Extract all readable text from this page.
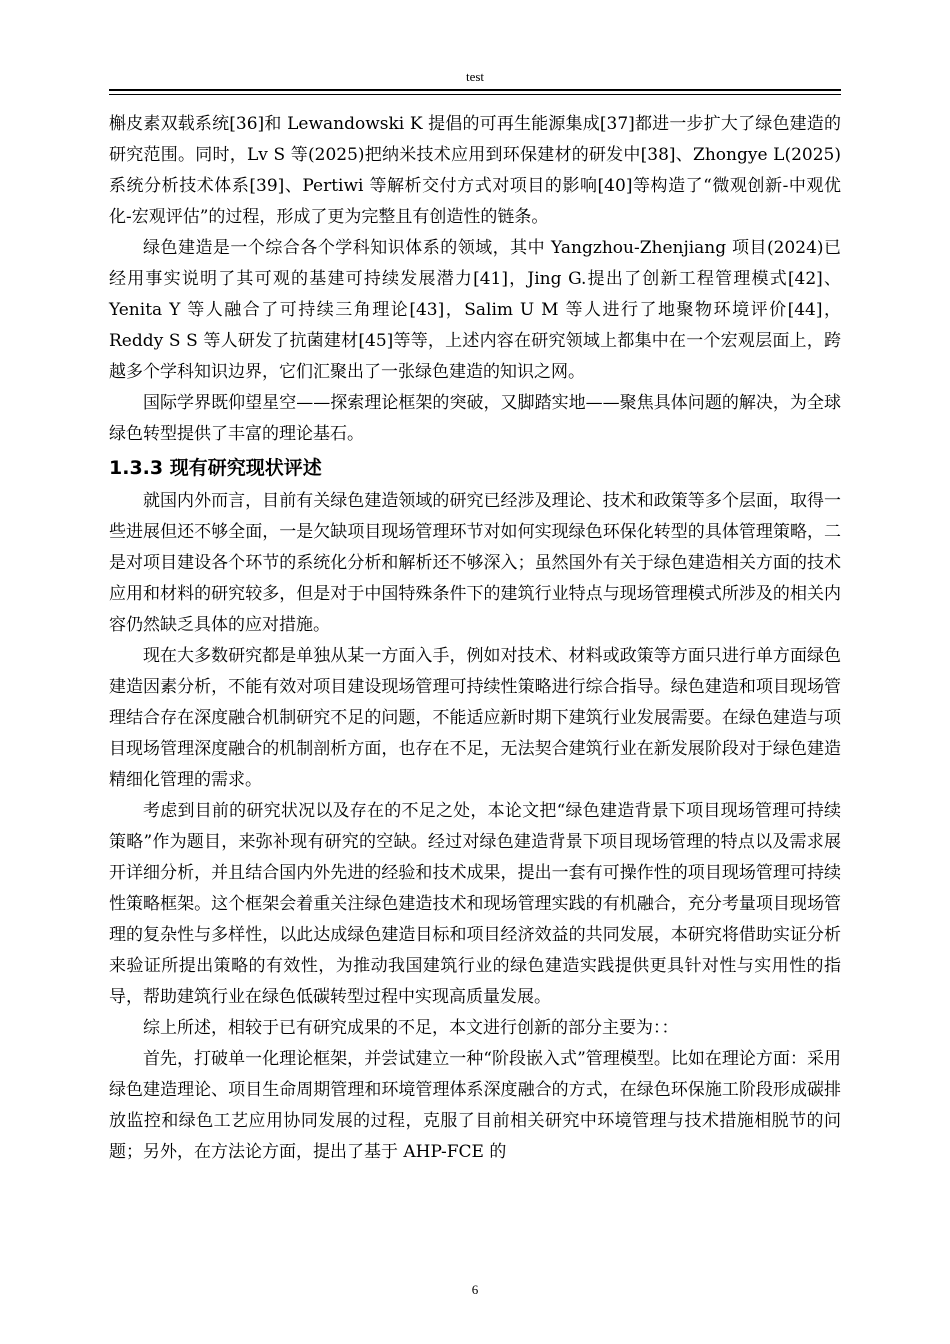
test

槲皮素双载系统[36]和 Lewandowski K 提倡的可再生能源集成[37]都进一步扩大了绿色建造的研究范围。同时，Lv S 等(2025)把纳米技术应用到环保建材的研发中[38]、Zhongye L(2025)系统分析技术体系[39]、Pertiwi 等解析交付方式对项目的影响[40]等构造了“微观创新-中观优化-宏观评估”的过程，形成了更为完整且有创造性的链条。

绿色建造是一个综合各个学科知识体系的领域，其中 Yangzhou-Zhenjiang 项目(2024)已经用事实说明了其可观的基建可持续发展潜力[41]，Jing G.提出了创新工程管理模式[42]、Yenita Y 等人融合了可持续三角理论[43]，Salim U M 等人进行了地聚物环境评价[44]，Reddy S S 等人研发了抗菌建材[45]等等，上述内容在研究领域上都集中在一个宏观层面上，跨越多个学科知识边界，它们汇聚出了一张绿色建造的知识之网。

国际学界既仰望星空——探索理论框架的突破，又脚踏实地——聚焦具体问题的解决，为全球绿色转型提供了丰富的理论基石。

1.3.3 现有研究现状评述

就国内外而言，目前有关绿色建造领域的研究已经涉及理论、技术和政策等多个层面，取得一些进展但还不够全面，一是欠缺项目现场管理环节对如何实现绿色环保化转型的具体管理策略，二是对项目建设各个环节的系统化分析和解析还不够深入；虽然国外有关于绿色建造相关方面的技术应用和材料的研究较多，但是对于中国特殊条件下的建筑行业特点与现场管理模式所涉及的相关内容仍然缺乏具体的应对措施。

现在大多数研究都是单独从某一方面入手，例如对技术、材料或政策等方面只进行单方面绿色建造因素分析，不能有效对项目建设现场管理可持续性策略进行综合指导。绿色建造和项目现场管理结合存在深度融合机制研究不足的问题，不能适应新时期下建筑行业发展需要。在绿色建造与项目现场管理深度融合的机制剖析方面，也存在不足，无法契合建筑行业在新发展阶段对于绿色建造精细化管理的需求。

考虑到目前的研究状况以及存在的不足之处，本论文把“绿色建造背景下项目现场管理可持续策略”作为题目，来弥补现有研究的空缺。经过对绿色建造背景下项目现场管理的特点以及需求展开详细分析，并且结合国内外先进的经验和技术成果，提出一套有可操作性的项目现场管理可持续性策略框架。这个框架会着重关注绿色建造技术和现场管理实践的有机融合，充分考量项目现场管理的复杂性与多样性，以此达成绿色建造目标和项目经济效益的共同发展，本研究将借助实证分析来验证所提出策略的有效性，为推动我国建筑行业的绿色建造实践提供更具针对性与实用性的指导，帮助建筑行业在绿色低碳转型过程中实现高质量发展。

综上所述，相较于已有研究成果的不足，本文进行创新的部分主要为：：

首先，打破单一化理论框架，并尝试建立一种“阶段嵌入式”管理模型。比如在理论方面：采用绿色建造理论、项目生命周期管理和环境管理体系深度融合的方式，在绿色环保施工阶段形成碳排放监控和绿色工艺应用协同发展的过程，克服了目前相关研究中环境管理与技术措施相脱节的问题；另外，在方法论方面，提出了基于 AHP-FCE 的

6
